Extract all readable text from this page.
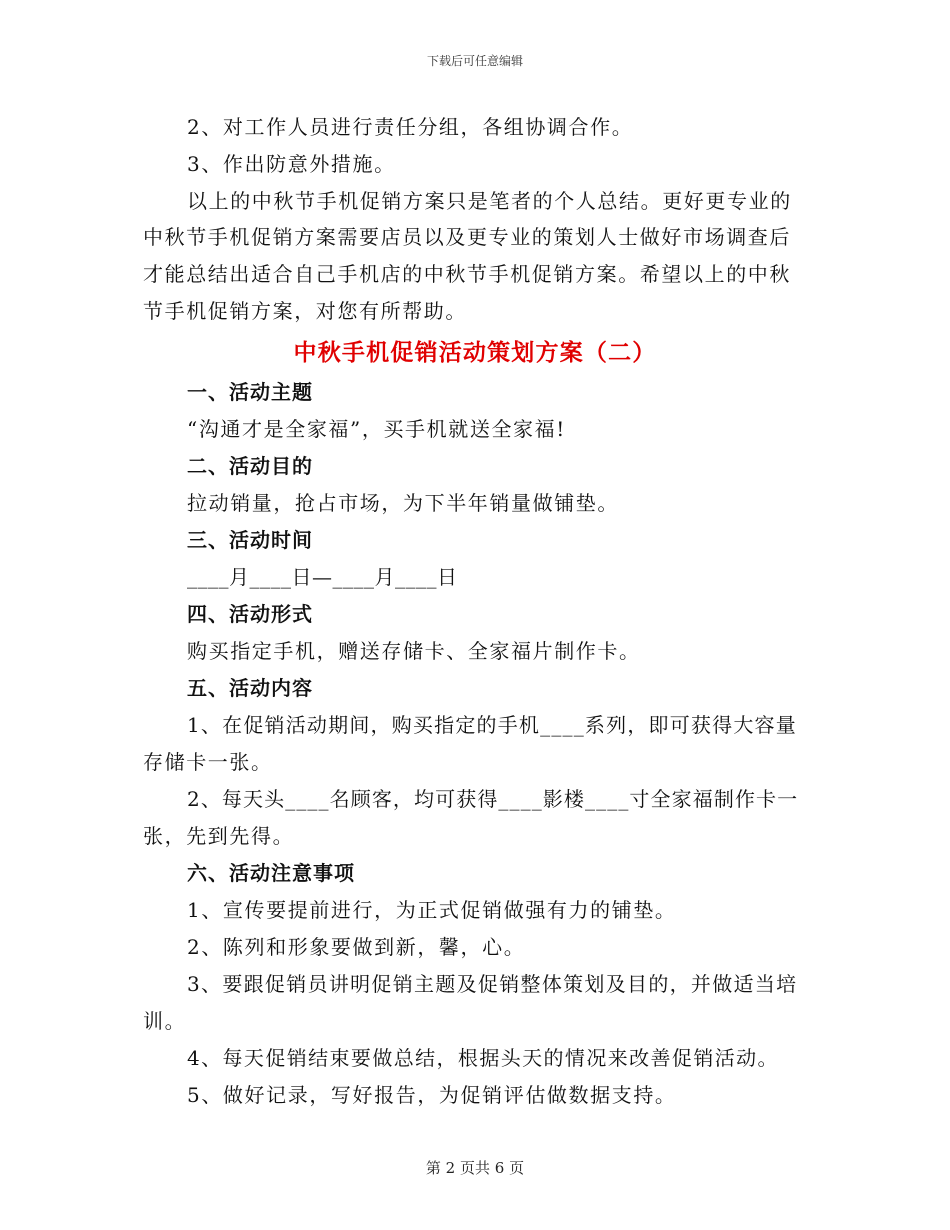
下载后可任意编辑
2、对工作人员进行责任分组，各组协调合作。
3、作出防意外措施。
以上的中秋节手机促销方案只是笔者的个人总结。更好更专业的
中秋节手机促销方案需要店员以及更专业的策划人士做好市场调查后
才能总结出适合自己手机店的中秋节手机促销方案。希望以上的中秋
节手机促销方案，对您有所帮助。
中秋手机促销活动策划方案（二）
一、活动主题
“沟通才是全家福”，买手机就送全家福!
二、活动目的
拉动销量，抢占市场，为下半年销量做铺垫。
三、活动时间
____月____日—____月____日
四、活动形式
购买指定手机，赠送存储卡、全家福片制作卡。
五、活动内容
1、在促销活动期间，购买指定的手机____系列，即可获得大容量
存储卡一张。
2、每天头____名顾客，均可获得____影楼____寸全家福制作卡一
张，先到先得。
六、活动注意事项
1、宣传要提前进行，为正式促销做强有力的铺垫。
2、陈列和形象要做到新，馨，心。
3、要跟促销员讲明促销主题及促销整体策划及目的，并做适当培
训。
4、每天促销结束要做总结，根据头天的情况来改善促销活动。
5、做好记录，写好报告，为促销评估做数据支持。
第 2 页共 6 页
